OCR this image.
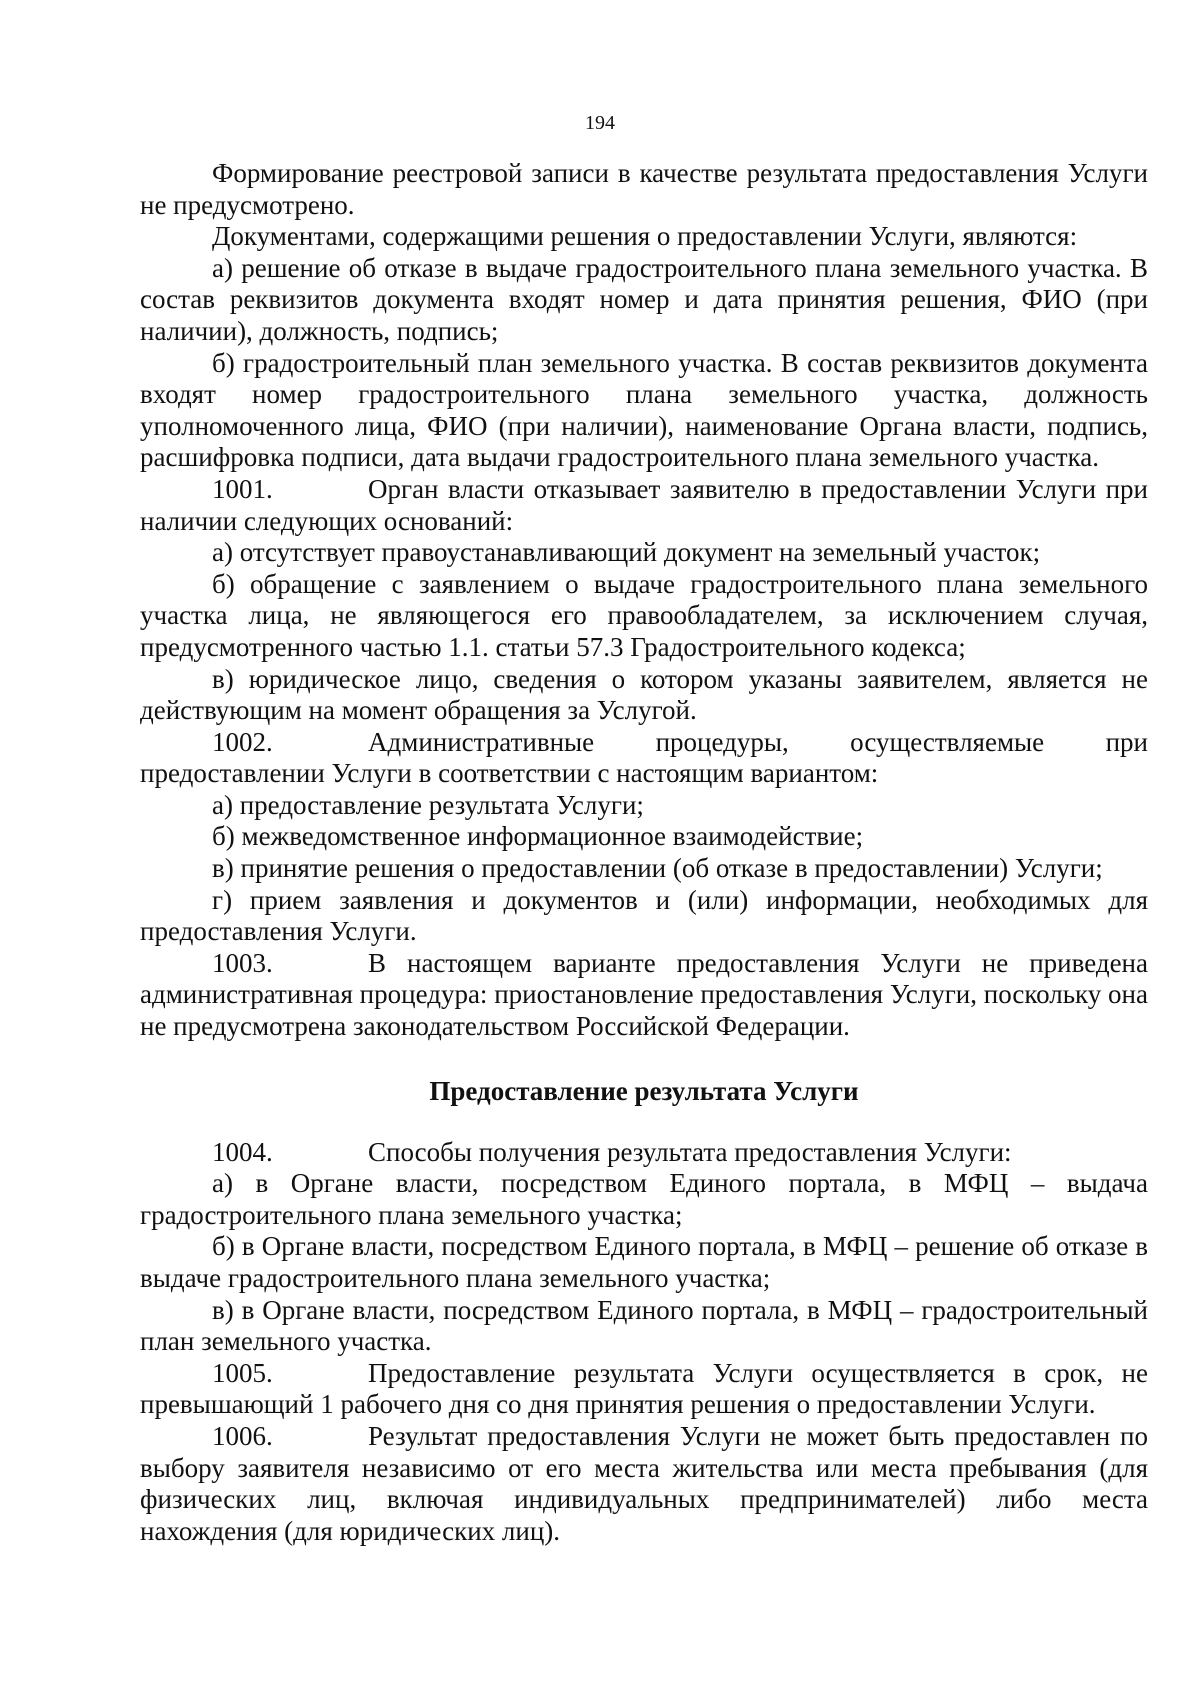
194

Формирование реестровой записи в качестве результата предоставления Услуги не предусмотрено.

Документами, содержащими решения о предоставлении Услуги, являются:

а) решение об отказе в выдаче градостроительного плана земельного участка. В состав реквизитов документа входят номер и дата принятия решения, ФИО (при наличии), должность, подпись;

б) градостроительный план земельного участка. В состав реквизитов документа входят номер градостроительного плана земельного участка, должность уполномоченного лица, ФИО (при наличии), наименование Органа власти, подпись, расшифровка подписи, дата выдачи градостроительного плана земельного участка.

1001.	Орган власти отказывает заявителю в предоставлении Услуги при наличии следующих оснований:

а) отсутствует правоустанавливающий документ на земельный участок;

б) обращение с заявлением о выдаче градостроительного плана земельного участка лица, не являющегося его правообладателем, за исключением случая, предусмотренного частью 1.1. статьи 57.3 Градостроительного кодекса;

в) юридическое лицо, сведения о котором указаны заявителем, является не действующим на момент обращения за Услугой.

1002.	Административные процедуры, осуществляемые при предоставлении Услуги в соответствии с настоящим вариантом:

а) предоставление результата Услуги;

б) межведомственное информационное взаимодействие;

в) принятие решения о предоставлении (об отказе в предоставлении) Услуги;

г) прием заявления и документов и (или) информации, необходимых для предоставления Услуги.

1003.	В настоящем варианте предоставления Услуги не приведена административная процедура: приостановление предоставления Услуги, поскольку она не предусмотрена законодательством Российской Федерации.

Предоставление результата Услуги

1004.	Способы получения результата предоставления Услуги:

а) в Органе власти, посредством Единого портала, в МФЦ – выдача градостроительного плана земельного участка;

б) в Органе власти, посредством Единого портала, в МФЦ – решение об отказе в выдаче градостроительного плана земельного участка;

в) в Органе власти, посредством Единого портала, в МФЦ – градостроительный план земельного участка.

1005.	Предоставление результата Услуги осуществляется в срок, не превышающий 1 рабочего дня со дня принятия решения о предоставлении Услуги.

1006.	Результат предоставления Услуги не может быть предоставлен по выбору заявителя независимо от его места жительства или места пребывания (для физических лиц, включая индивидуальных предпринимателей) либо места нахождения (для юридических лиц).
